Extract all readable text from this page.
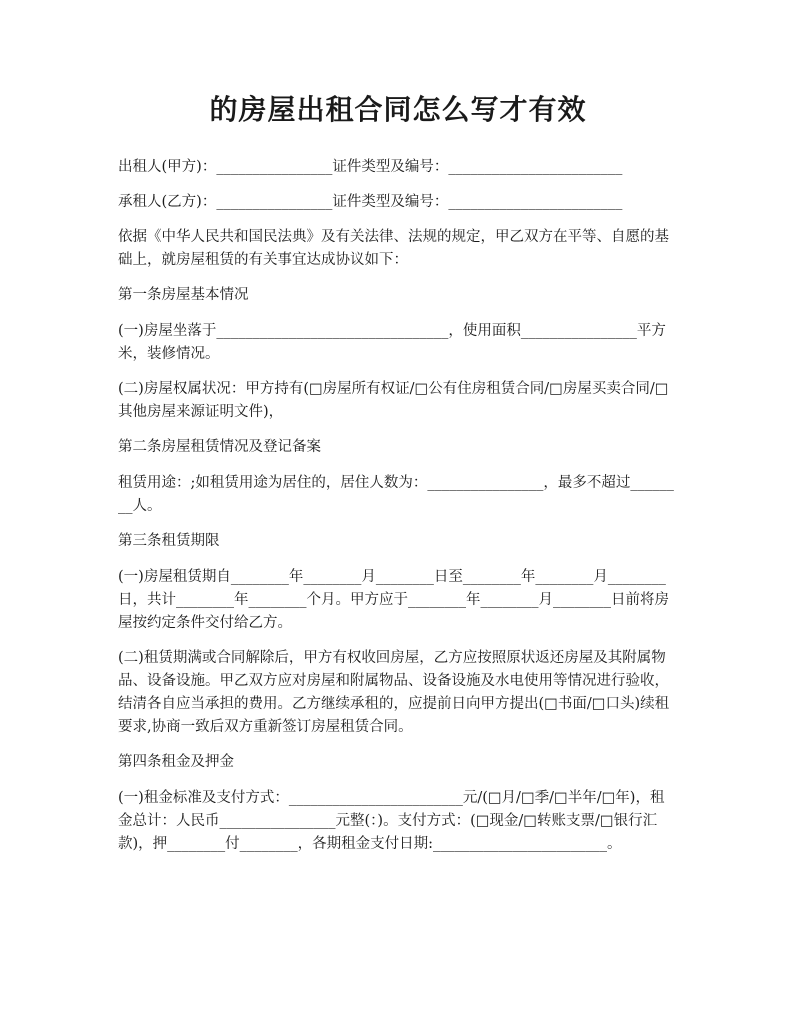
的房屋出租合同怎么写才有效

出租人(甲方)：________________证件类型及编号：________________________

承租人(乙方)：________________证件类型及编号：________________________

依据《中华人民共和国民法典》及有关法律、法规的规定，甲乙双方在平等、自愿的基础上，就房屋租赁的有关事宜达成协议如下：

第一条房屋基本情况

(一)房屋坐落于________________________________，使用面积________________平方米，装修情况。

(二)房屋权属状况：甲方持有(□房屋所有权证/□公有住房租赁合同/□房屋买卖合同/□其他房屋来源证明文件)，

第二条房屋租赁情况及登记备案

租赁用途：;如租赁用途为居住的，居住人数为：________________，最多不超过________人。

第三条租赁期限

(一)房屋租赁期自________年________月________日至________年________月________日，共计________年________个月。甲方应于________年________月________日前将房屋按约定条件交付给乙方。

(二)租赁期满或合同解除后，甲方有权收回房屋，乙方应按照原状返还房屋及其附属物品、设备设施。甲乙双方应对房屋和附属物品、设备设施及水电使用等情况进行验收，结清各自应当承担的费用。乙方继续承租的，应提前日向甲方提出(□书面/□口头)续租要求,协商一致后双方重新签订房屋租赁合同。

第四条租金及押金

(一)租金标准及支付方式：________________________元/(□月/□季/□半年/□年)，租金总计：人民币________________元整(：)。支付方式：(□现金/□转账支票/□银行汇款)，押________付________，各期租金支付日期:________________________。
